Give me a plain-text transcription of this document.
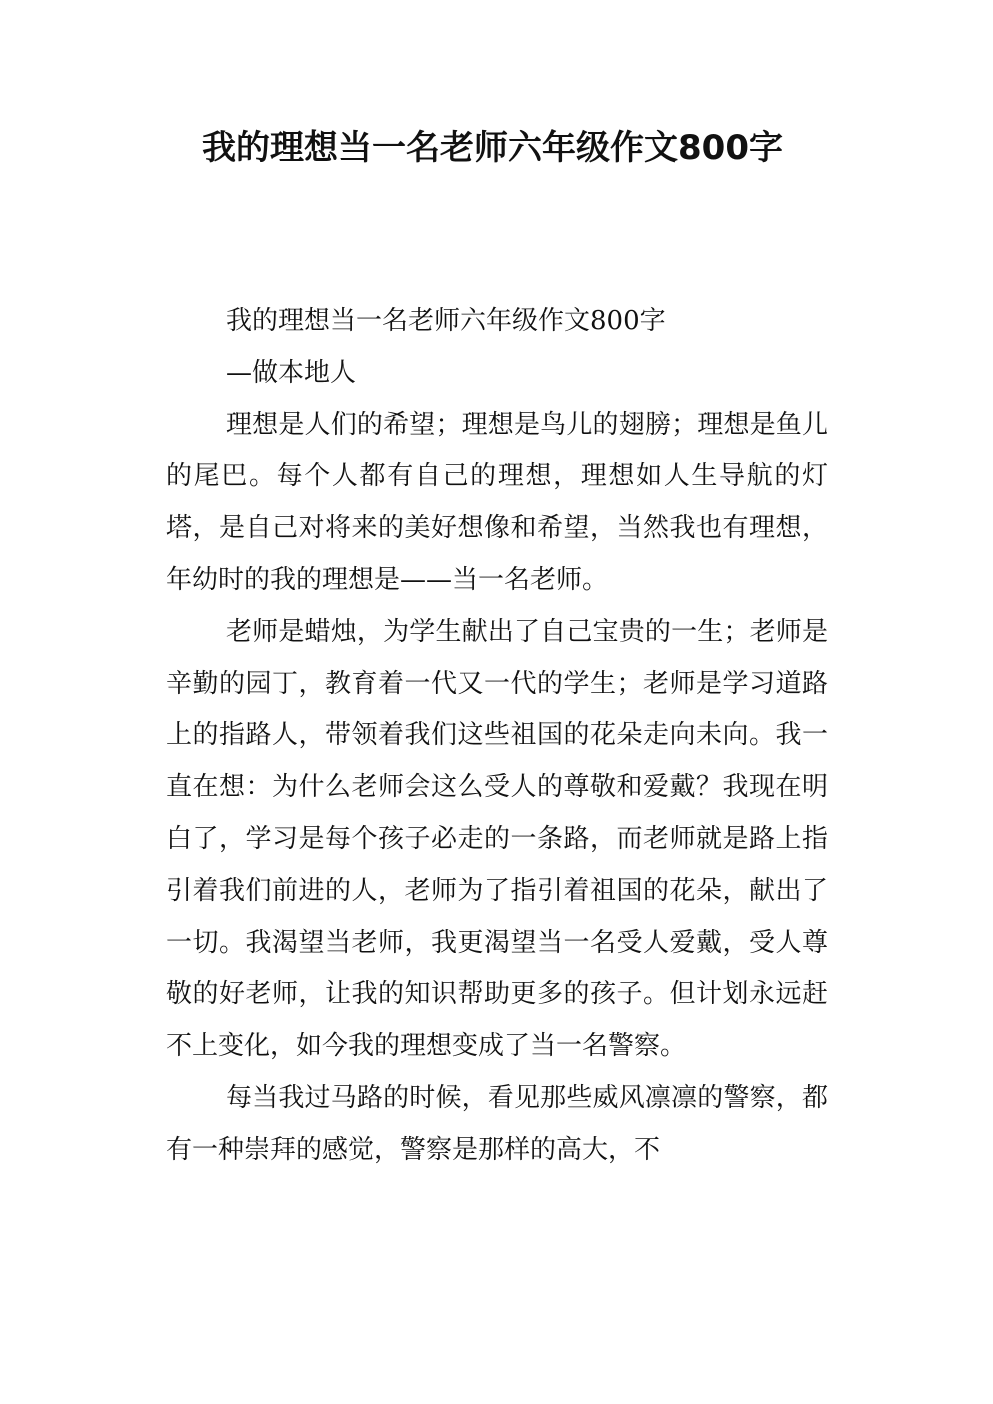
我的理想当一名老师六年级作文800字

我的理想当一名老师六年级作文800字

—做本地人

理想是人们的希望；理想是鸟儿的翅膀；理想是鱼儿的尾巴。每个人都有自己的理想，理想如人生导航的灯塔，是自己对将来的美好想像和希望，当然我也有理想，年幼时的我的理想是——当一名老师。

老师是蜡烛，为学生献出了自己宝贵的一生；老师是辛勤的园丁，教育着一代又一代的学生；老师是学习道路上的指路人，带领着我们这些祖国的花朵走向未向。我一直在想：为什么老师会这么受人的尊敬和爱戴？我现在明白了，学习是每个孩子必走的一条路，而老师就是路上指引着我们前进的人，老师为了指引着祖国的花朵，献出了一切。我渴望当老师，我更渴望当一名受人爱戴，受人尊敬的好老师，让我的知识帮助更多的孩子。但计划永远赶不上变化，如今我的理想变成了当一名警察。

每当我过马路的时候，看见那些威风凛凛的警察，都有一种崇拜的感觉，警察是那样的高大，不
